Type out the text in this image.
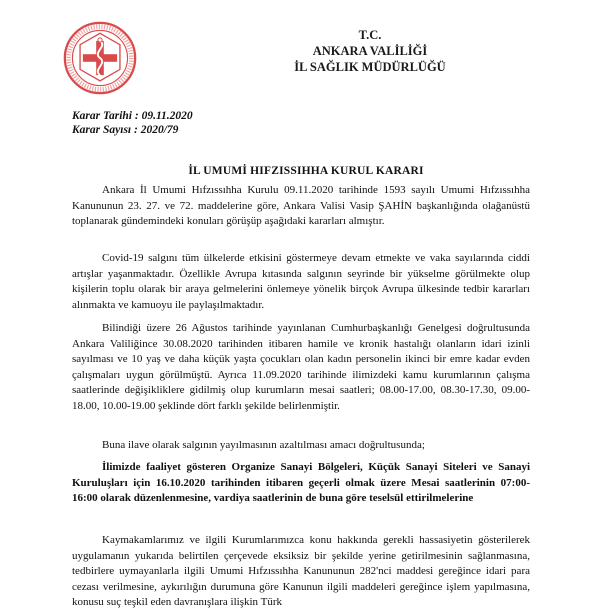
T.C.
ANKARA VALİLİĞİ
İL SAĞLIK MÜDÜRLÜĞÜ
Karar Tarihi : 09.11.2020
Karar Sayısı : 2020/79
İL UMUMİ HIFZISSIHHA KURUL KARARI

Ankara İl Umumi Hıfzıssıhha Kurulu 09.11.2020 tarihinde 1593 sayılı Umumi Hıfzıssıhha Kanununun 23. 27. ve 72. maddelerine göre, Ankara Valisi Vasip ŞAHİN başkanlığında olağanüstü toplanarak gündemindeki konuları görüşüp aşağıdaki kararları almıştır.

Covid-19 salgını tüm ülkelerde etkisini göstermeye devam etmekte ve vaka sayılarında ciddi artışlar yaşanmaktadır. Özellikle Avrupa kıtasında salgının seyrinde bir yükselme görülmekte olup kişilerin toplu olarak bir araya gelmelerini önlemeye yönelik birçok Avrupa ülkesinde tedbir kararları alınmakta ve kamuoyu ile paylaşılmaktadır.

Bilindiği üzere 26 Ağustos tarihinde yayınlanan Cumhurbaşkanlığı Genelgesi doğrultusunda Ankara Valiliğince 30.08.2020 tarihinden itibaren hamile ve kronik hastalığı olanların idari izinli sayılması ve 10 yaş ve daha küçük yaşta çocukları olan kadın personelin ikinci bir emre kadar evden çalışmaları uygun görülmüştü. Ayrıca 11.09.2020 tarihinde ilimizdeki kamu kurumlarının çalışma saatlerinde değişikliklere gidilmiş olup kurumların mesai saatleri; 08.00-17.00, 08.30-17.30, 09.00-18.00, 10.00-19.00 şeklinde dört farklı şekilde belirlenmiştir.

Buna ilave olarak salgının yayılmasının azaltılması amacı doğrultusunda;

İlimizde faaliyet gösteren Organize Sanayi Bölgeleri, Küçük Sanayi Siteleri ve Sanayi Kuruluşları için 16.10.2020 tarihinden itibaren geçerli olmak üzere Mesai saatlerinin 07:00- 16:00 olarak düzenlenmesine, vardiya saatlerinin de buna göre teselsül ettirilmelerine

Kaymakamlarımız ve ilgili Kurumlarımızca konu hakkında gerekli hassasiyetin gösterilerek uygulamanın yukarıda belirtilen çerçevede eksiksiz bir şekilde yerine getirilmesinin sağlanmasına, tedbirlere uymayanlarla ilgili Umumi Hıfzıssıhha Kanununun 282'nci maddesi gereğince idari para cezası verilmesine, aykırılığın durumuna göre Kanunun ilgili maddeleri gereğince işlem yapılmasına, konusu suç teşkil eden davranışlara ilişkin Türk
